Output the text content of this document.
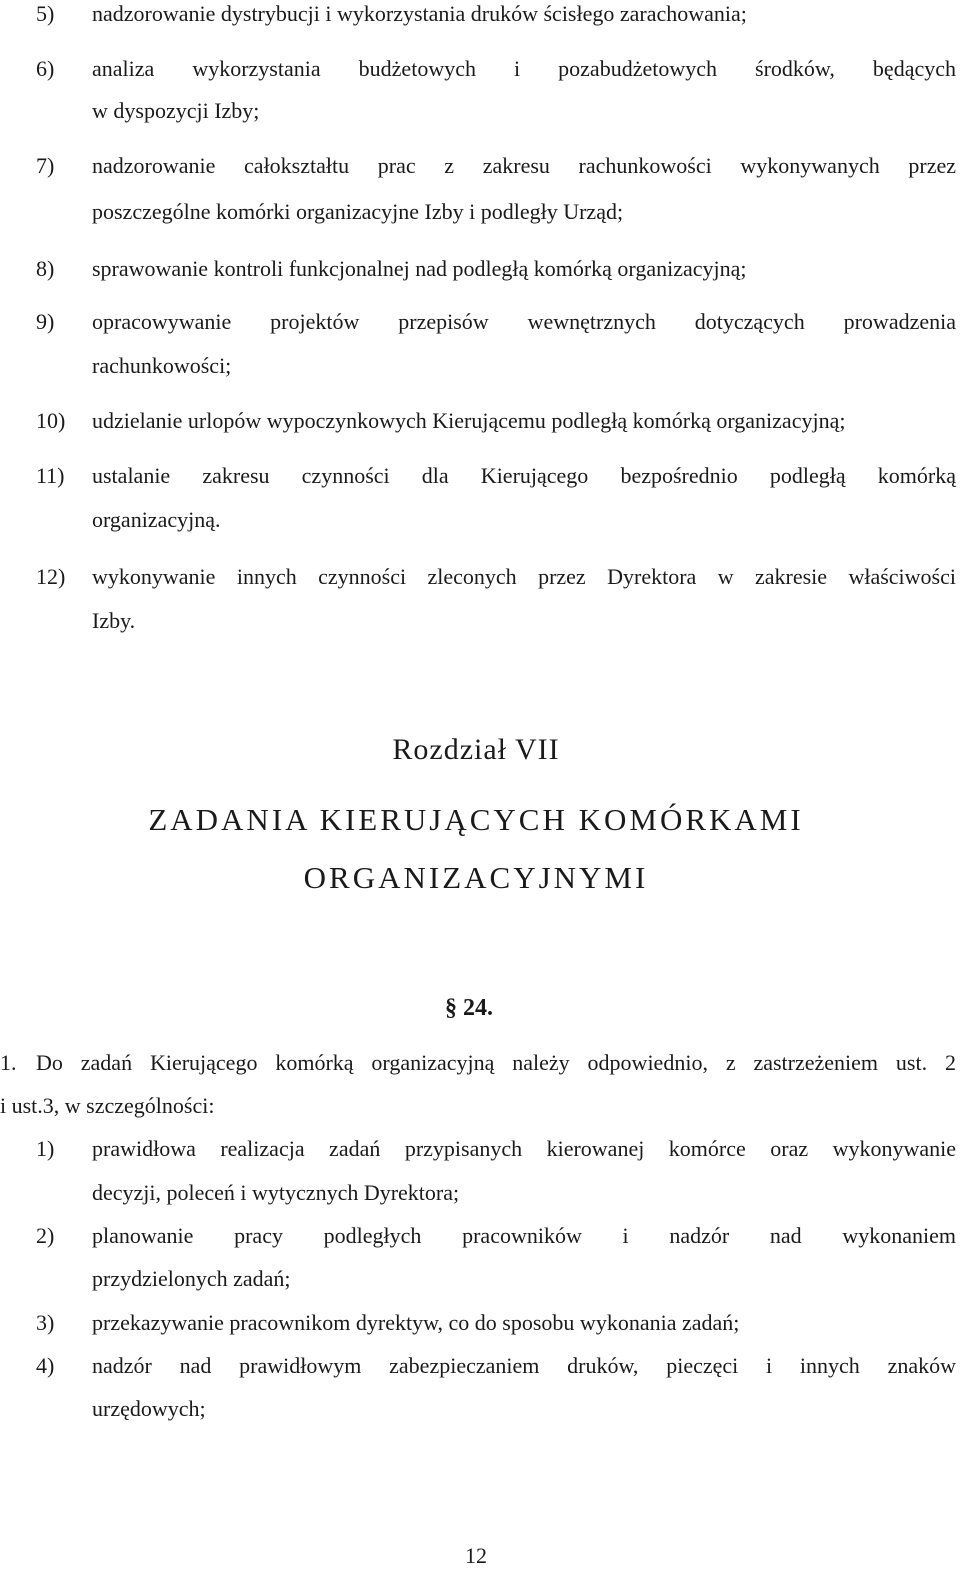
5) nadzorowanie dystrybucji i wykorzystania druków ścisłego zarachowania;
6) analiza wykorzystania budżetowych i pozabudżetowych środków, będących
w dyspozycji Izby;
7) nadzorowanie całokształtu prac z zakresu rachunkowości wykonywanych przez
poszczególne komórki organizacyjne Izby i podległy Urząd;
8) sprawowanie kontroli funkcjonalnej nad podległą komórką organizacyjną;
9) opracowywanie projektów przepisów wewnętrznych dotyczących prowadzenia
rachunkowości;
10) udzielanie urlopów wypoczynkowych Kierującemu podległą komórką organizacyjną;
11) ustalanie zakresu czynności dla Kierującego bezpośrednio podległą komórką
organizacyjną.
12) wykonywanie innych czynności zleconych przez Dyrektora w zakresie właściwości
Izby.
Rozdział VII
ZADANIA KIERUJĄCYCH KOMÓRKAMI
ORGANIZACYJNYMI
§ 24.
1. Do zadań Kierującego komórką organizacyjną należy odpowiednio, z zastrzeżeniem ust. 2
i ust.3, w szczególności:
1) prawidłowa realizacja zadań przypisanych kierowanej komórce oraz wykonywanie
decyzji, poleceń i wytycznych Dyrektora;
2) planowanie pracy podległych pracowników i nadzór nad wykonaniem
przydzielonych zadań;
3) przekazywanie pracownikom dyrektyw, co do sposobu wykonania zadań;
4) nadzór nad prawidłowym zabezpieczaniem druków, pieczęci i innych znaków
urzędowych;
12
